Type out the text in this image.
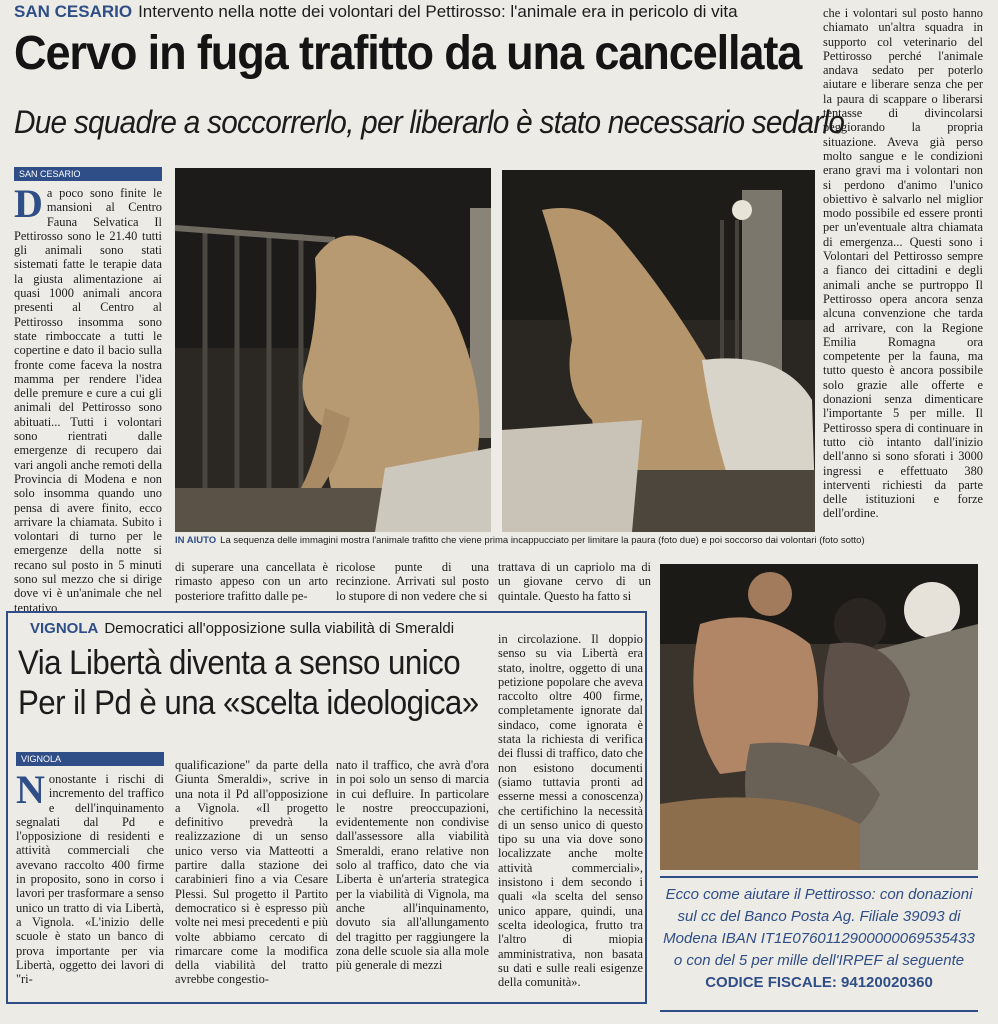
SAN CESARIO Intervento nella notte dei volontari del Pettirosso: l'animale era in pericolo di vita
Cervo in fuga trafitto da una cancellata
Due squadre a soccorrerlo, per liberarlo è stato necessario sedarlo
SAN CESARIO
Da poco sono finite le mansioni al Centro Fauna Selvatica Il Pettirosso sono le 21.40 tutti gli animali sono stati sistemati fatte le terapie data la giusta alimentazione ai quasi 1000 animali ancora presenti al Centro al Pettirosso insomma sono state rimboccate a tutti le copertine e dato il bacio sulla fronte come faceva la nostra mamma per rendere l'idea delle premure e cure a cui gli animali del Pettirosso sono abituati... Tutti i volontari sono rientrati dalle emergenze di recupero dai vari angoli anche remoti della Provincia di Modena e non solo insomma quando uno pensa di avere finito, ecco arrivare la chiamata. Subito i volontari di turno per le emergenze della notte si recano sul posto in 5 minuti sono sul mezzo che si dirige dove vi è un'animale che nel tentativo
IN AIUTO La sequenza delle immagini mostra l'animale trafitto che viene prima incappucciato per limitare la paura (foto due) e poi soccorso dai volontari (foto sotto)
di superare una cancellata è rimasto appeso con un arto posteriore trafitto dalle pe-
ricolose punte di una recinzione. Arrivati sul posto lo stupore di non vedere che si
trattava di un capriolo ma di un giovane cervo di un quintale. Questo ha fatto si
che i volontari sul posto hanno chiamato un'altra squadra in supporto col veterinario del Pettirosso perché l'animale andava sedato per poterlo aiutare e liberare senza che per la paura di scappare o liberarsi tentasse di divincolarsi peggiorando la propria situazione. Aveva già perso molto sangue e le condizioni erano gravi ma i volontari non si perdono d'animo l'unico obiettivo è salvarlo nel miglior modo possibile ed essere pronti per un'eventuale altra chiamata di emergenza... Questi sono i Volontari del Pettirosso sempre a fianco dei cittadini e degli animali anche se purtroppo Il Pettirosso opera ancora senza alcuna convenzione che tarda ad arrivare, con la Regione Emilia Romagna ora competente per la fauna, ma tutto questo è ancora possibile solo grazie alle offerte e donazioni senza dimenticare l'importante 5 per mille. Il Pettirosso spera di continuare in tutto ciò intanto dall'inizio dell'anno si sono sforati i 3000 ingressi e effettuato 380 interventi richiesti da parte delle istituzioni e forze dell'ordine.
VIGNOLA Democratici all'opposizione sulla viabilità di Smeraldi
Via Libertà diventa a senso unico
Per il Pd è una «scelta ideologica»
VIGNOLA
Nonostante i rischi di incremento del traffico e dell'inquinamento segnalati dal Pd e l'opposizione di residenti e attività commerciali che avevano raccolto 400 firme in proposito, sono in corso i lavori per trasformare a senso unico un tratto di via Libertà, a Vignola. «L'inizio delle scuole è stato un banco di prova importante per via Libertà, oggetto dei lavori di "ri-
qualificazione" da parte della Giunta Smeraldi», scrive in una nota il Pd all'opposizione a Vignola. «Il progetto definitivo prevedrà la realizzazione di un senso unico verso via Matteotti a partire dalla stazione dei carabinieri fino a via Cesare Plessi. Sul progetto il Partito democratico si è espresso più volte nei mesi precedenti e più volte abbiamo cercato di rimarcare come la modifica della viabilità del tratto avrebbe congestio-
nato il traffico, che avrà d'ora in poi solo un senso di marcia in cui defluire. In particolare le nostre preoccupazioni, evidentemente non condivise dall'assessore alla viabilità Smeraldi, erano relative non solo al traffico, dato che via Liberta è un'arteria strategica per la viabilità di Vignola, ma anche all'inquinamento, dovuto sia all'allungamento del tragitto per raggiungere la zona delle scuole sia alla mole più generale di mezzi
in circolazione. Il doppio senso su via Libertà era stato, inoltre, oggetto di una petizione popolare che aveva raccolto oltre 400 firme, completamente ignorate dal sindaco, come ignorata è stata la richiesta di verifica dei flussi di traffico, dato che non esistono documenti (siamo tuttavia pronti ad esserne messi a conoscenza) che certifichino la necessità di un senso unico di questo tipo su una via dove sono localizzate anche molte attività commerciali», insistono i dem secondo i quali «la scelta del senso unico appare, quindi, una scelta ideologica, frutto tra l'altro di miopia amministrativa, non basata su dati e sulle reali esigenze della comunità».
Ecco come aiutare il Pettirosso: con donazioni
sul cc del Banco Posta Ag. Filiale 39093 di
Modena IBAN IT1E0760112900000069535433
o con del 5 per mille dell'IRPEF al seguente
CODICE FISCALE: 94120020360
